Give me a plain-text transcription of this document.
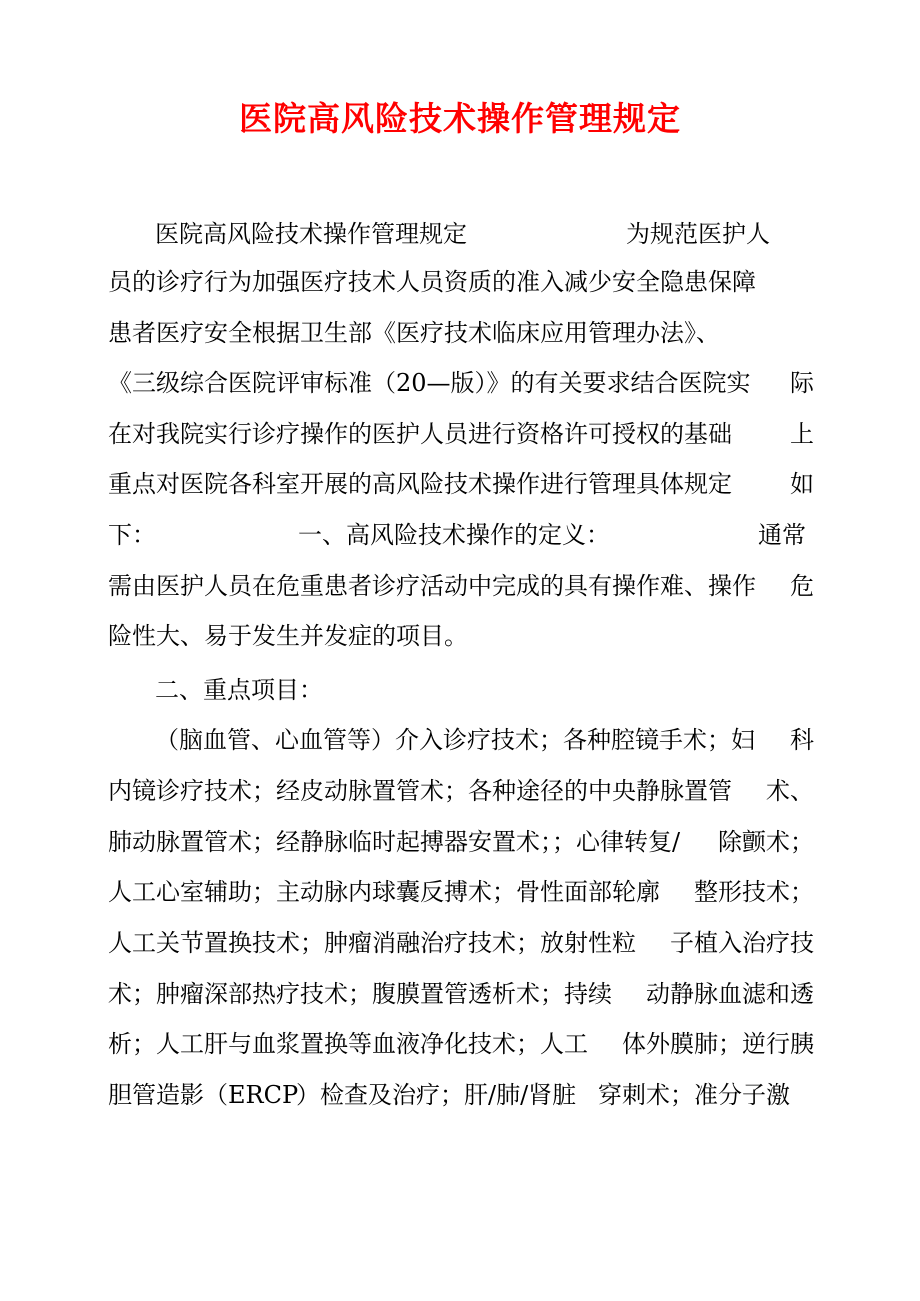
医院高风险技术操作管理规定

医院高风险技术操作管理规定	为规范医护人

员的诊疗行为加强医疗技术人员资质的准入减少安全隐患保障

患者医疗安全根据卫生部《医疗技术临床应用管理办法》、

《三级综合医院评审标准（20—版）》的有关要求结合医院实 际

在对我院实行诊疗操作的医护人员进行资格许可授权的基础 上

重点对医院各科室开展的高风险技术操作进行管理具体规定 如

下：	一、高风险技术操作的定义：	通常

需由医护人员在危重患者诊疗活动中完成的具有操作难、操作 危

险性大、易于发生并发症的项目。

二、重点项目：

（脑血管、心血管等）介入诊疗技术；各种腔镜手术；妇 科

内镜诊疗技术；经皮动脉置管术；各种途径的中央静脉置管 术、

肺动脉置管术；经静脉临时起搏器安置术；；心律转复/ 除颤术；

人工心室辅助；主动脉内球囊反搏术；骨性面部轮廓 整形技术；

人工关节置换技术；肿瘤消融治疗技术；放射性粒 子植入治疗技

术；肿瘤深部热疗技术；腹膜置管透析术；持续 动静脉血滤和透

析；人工肝与血浆置换等血液净化技术；人工 体外膜肺；逆行胰

胆管造影（ERCP

）检查及治疗；肝/肺/肾脏 穿刺术；准分子激
